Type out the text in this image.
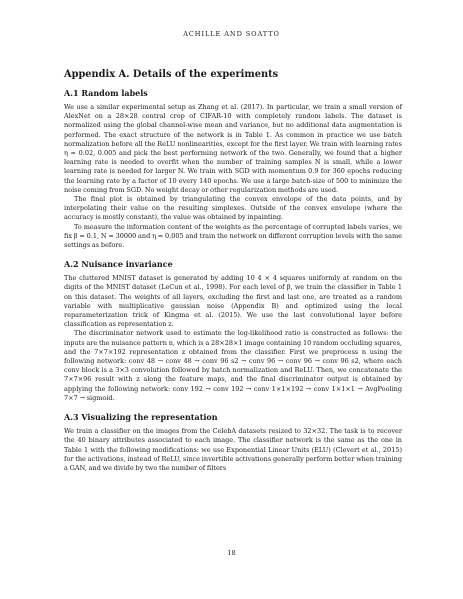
ACHILLE AND SOATTO

Appendix A. Details of the experiments
A.1 Random labels

We use a similar experimental setup as Zhang et al. (2017). In particular, we train a small version of AlexNet on a 28×28 central crop of CIFAR-10 with completely random labels. The dataset is normalized using the global channel-wise mean and variance, but no additional data augmentation is performed. The exact structure of the network is in Table 1. As common in practice we use batch normalization before all the ReLU nonlinearities, except for the first layer. We train with learning rates η = 0.02, 0.005 and pick the best performing network of the two. Generally, we found that a higher learning rate is needed to overfit when the number of training samples N is small, while a lower learning rate is needed for larger N. We train with SGD with momentum 0.9 for 360 epochs reducing the learning rate by a factor of 10 every 140 epochs. We use a large batch-size of 500 to minimize the noise coming from SGD. No weight decay or other regularization methods are used.

The final plot is obtained by triangulating the convex envelope of the data points, and by interpolating their value on the resulting simplexes. Outside of the convex envelope (where the accuracy is mostly constant), the value was obtained by inpainting.

To measure the information content of the weights as the percentage of corrupted labels varies, we fix β = 0.1, N = 30000 and η = 0.005 and train the network on different corruption levels with the same settings as before.

A.2 Nuisance invariance

The cluttered MNIST dataset is generated by adding 10 4 × 4 squares uniformly at random on the digits of the MNIST dataset (LeCun et al., 1998). For each level of β, we train the classifier in Table 1 on this dataset. The weights of all layers, excluding the first and last one, are treated as a random variable with multiplicative gaussian noise (Appendix B) and optimized using the local reparameterization trick of Kingma et al. (2015). We use the last convolutional layer before classification as representation z.

The discriminator network used to estimate the log-likelihood ratio is constructed as follows: the inputs are the nuisance pattern n, which is a 28×28×1 image containing 10 random occluding squares, and the 7×7×192 representation z obtained from the classifier. First we preprocess n using the following network: conv 48 → conv 48 → conv 96 s2 → conv 96 → conv 96 → conv 96 s2, where each conv block is a 3×3 convolution followed by batch normalization and ReLU. Then, we concatenate the 7×7×96 result with z along the feature maps, and the final discriminator output is obtained by applying the following network: conv 192 → conv 192 → conv 1×1×192 → conv 1×1×1 → AvgPooling 7×7 → sigmoid.

A.3 Visualizing the representation

We train a classifier on the images from the CelebA datasets resized to 32×32. The task is to recover the 40 binary attributes associated to each image. The classifier network is the same as the one in Table 1 with the following modifications: we use Exponential Linear Units (ELU) (Clevert et al., 2015) for the activations, instead of ReLU, since invertible activations generally perform better when training a GAN, and we divide by two the number of filters

18
